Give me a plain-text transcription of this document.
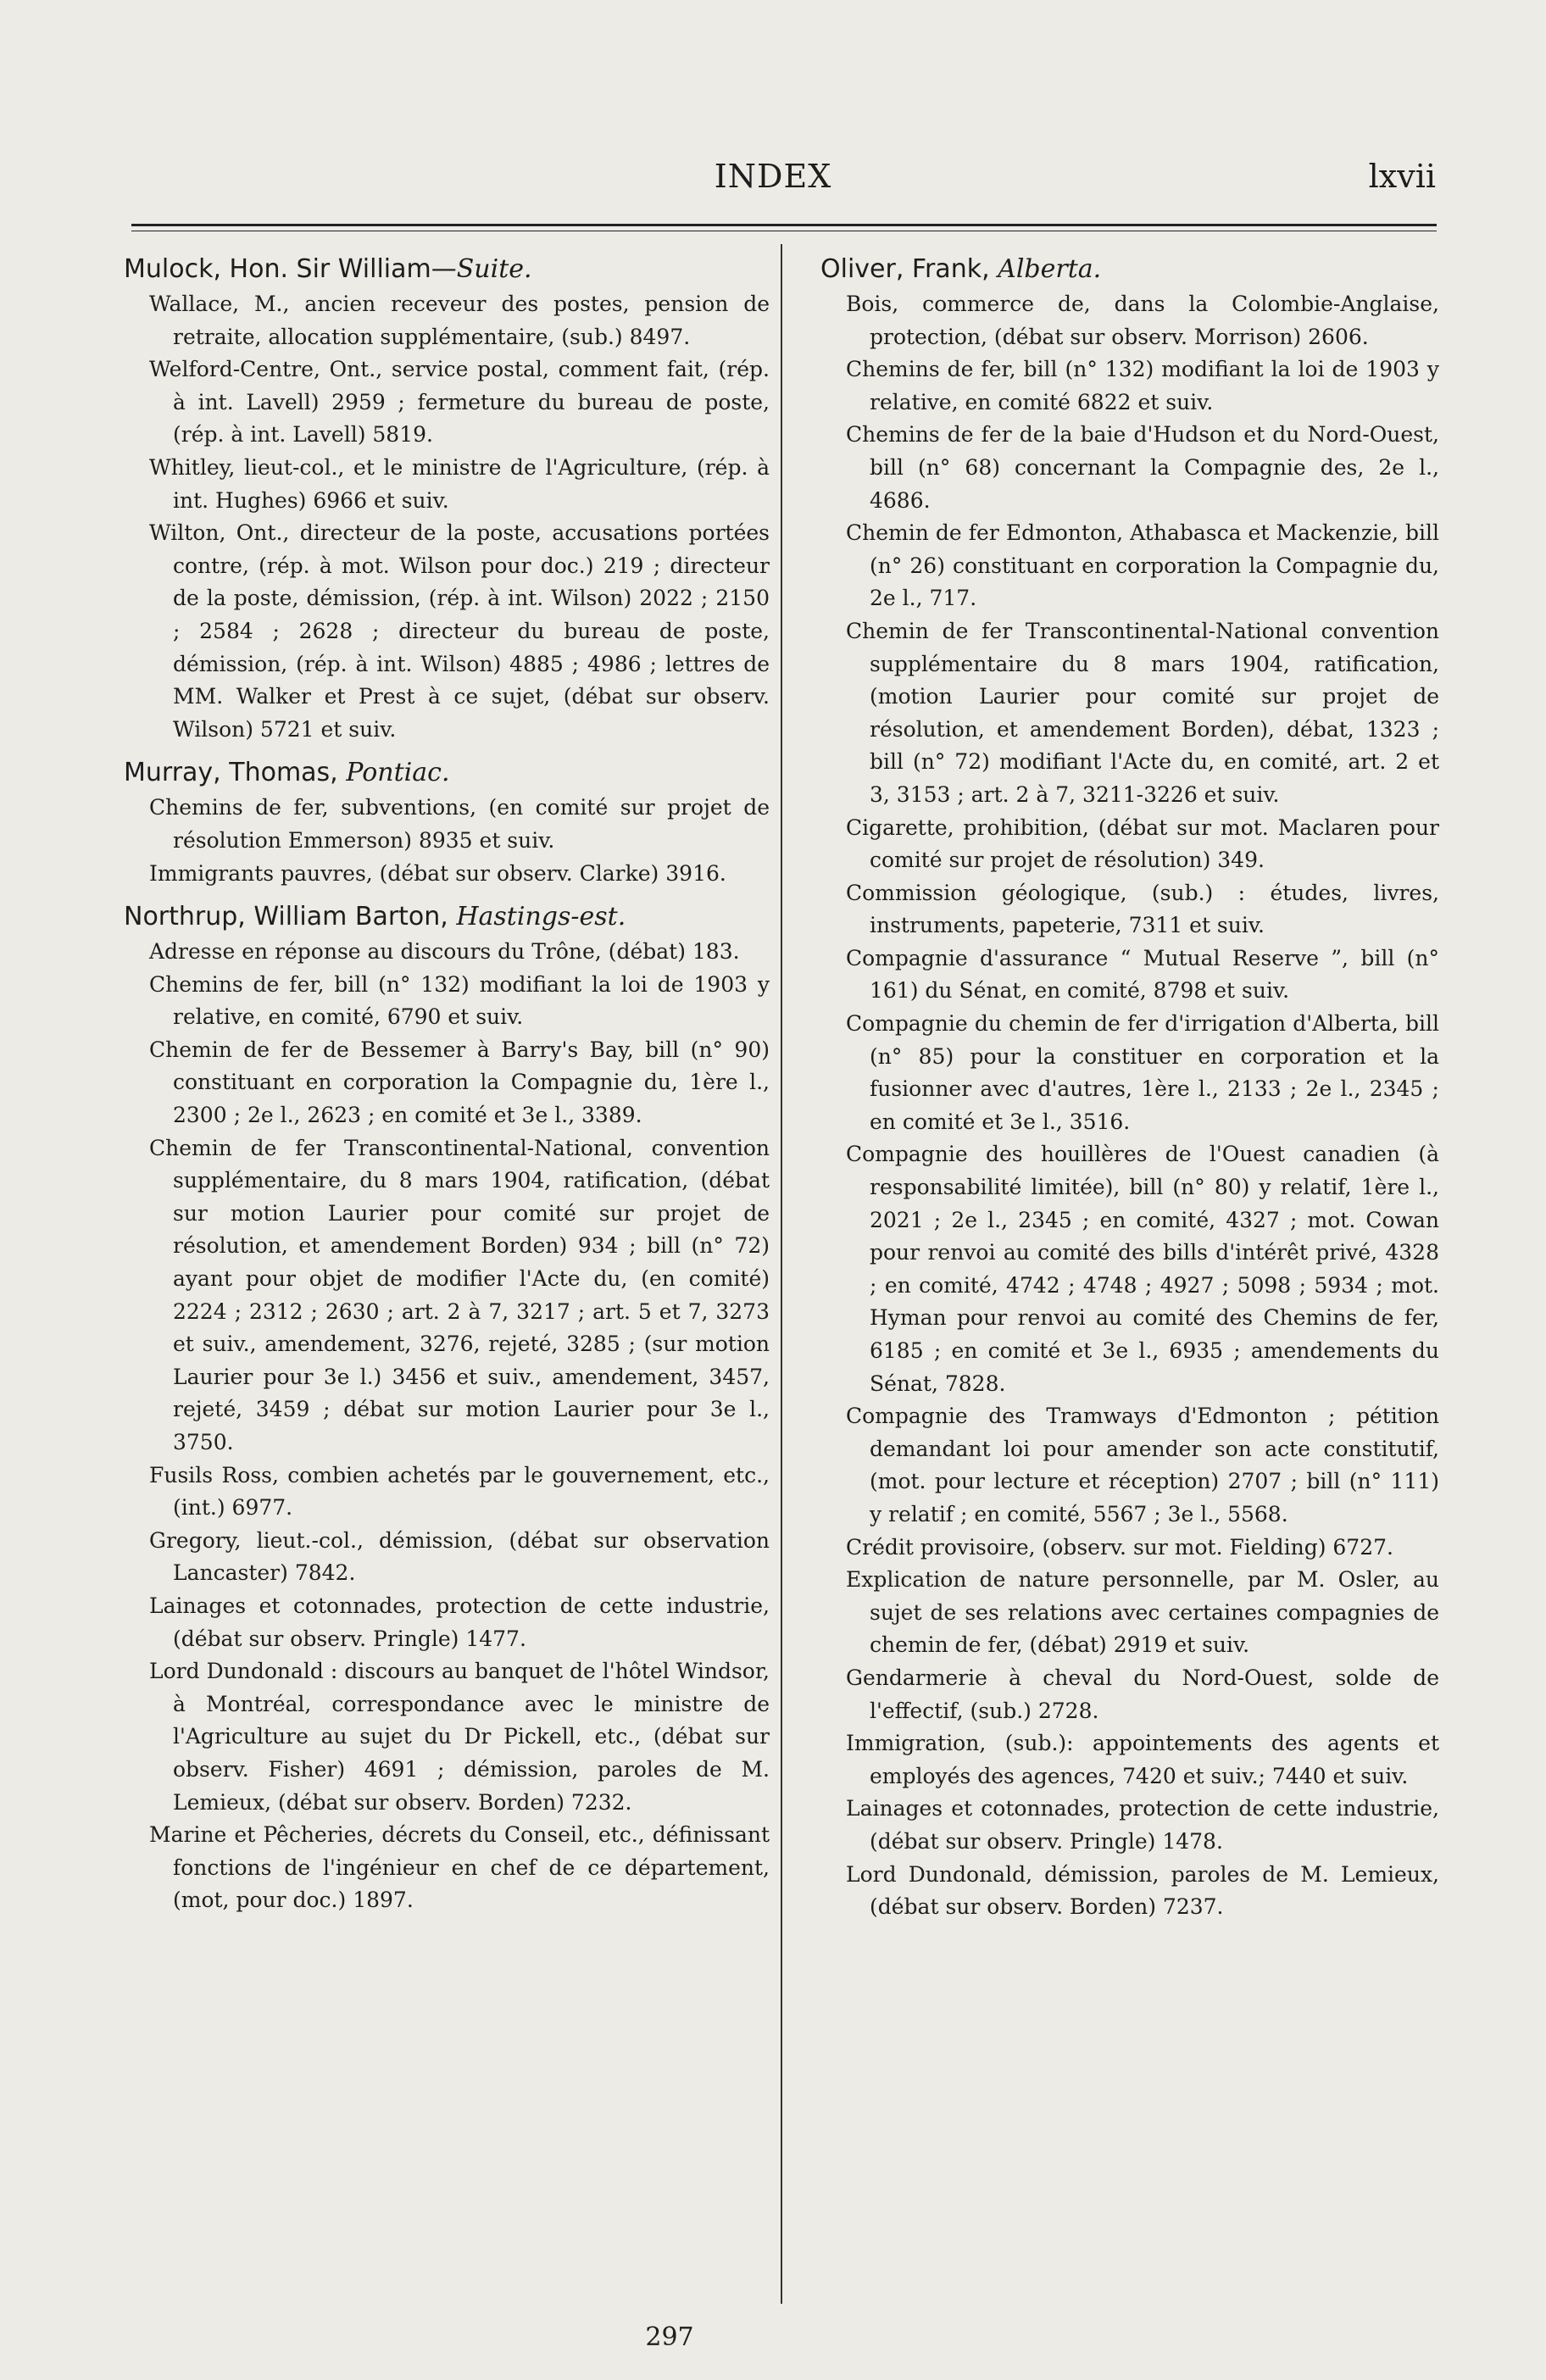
INDEX	lxvii
Mulock, Hon. Sir William—Suite.

Wallace, M., ancien receveur des postes, pension de retraite, allocation supplémentaire, (sub.) 8497.

Welford-Centre, Ont., service postal, comment fait, (rép. à int. Lavell) 2959 ; fermeture du bureau de poste, (rép. à int. Lavell) 5819.

Whitley, lieut-col., et le ministre de l'Agriculture, (rép. à int. Hughes) 6966 et suiv.

Wilton, Ont., directeur de la poste, accusations portées contre, (rép. à mot. Wilson pour doc.) 219 ; directeur de la poste, démission, (rép. à int. Wilson) 2022 ; 2150 ; 2584 ; 2628 ; directeur du bureau de poste, démission, (rép. à int. Wilson) 4885 ; 4986 ; lettres de MM. Walker et Prest à ce sujet, (débat sur observ. Wilson) 5721 et suiv.

Murray, Thomas, Pontiac.

Chemins de fer, subventions, (en comité sur projet de résolution Emmerson) 8935 et suiv.

Immigrants pauvres, (débat sur observ. Clarke) 3916.

Northrup, William Barton, Hastings-est.

Adresse en réponse au discours du Trône, (débat) 183.

Chemins de fer, bill (n° 132) modifiant la loi de 1903 y relative, en comité, 6790 et suiv.

Chemin de fer de Bessemer à Barry's Bay, bill (n° 90) constituant en corporation la Compagnie du, 1ère l., 2300 ; 2e l., 2623 ; en comité et 3e l., 3389.

Chemin de fer Transcontinental-National, convention supplémentaire, du 8 mars 1904, ratification, (débat sur motion Laurier pour comité sur projet de résolution, et amendement Borden) 934 ; bill (n° 72) ayant pour objet de modifier l'Acte du, (en comité) 2224 ; 2312 ; 2630 ; art. 2 à 7, 3217 ; art. 5 et 7, 3273 et suiv., amendement, 3276, rejeté, 3285 ; (sur motion Laurier pour 3e l.) 3456 et suiv., amendement, 3457, rejeté, 3459 ; débat sur motion Laurier pour 3e l., 3750.

Fusils Ross, combien achetés par le gouvernement, etc., (int.) 6977.

Gregory, lieut.-col., démission, (débat sur observation Lancaster) 7842.

Lainages et cotonnades, protection de cette industrie, (débat sur observ. Pringle) 1477.

Lord Dundonald : discours au banquet de l'hôtel Windsor, à Montréal, correspondance avec le ministre de l'Agriculture au sujet du Dr Pickell, etc., (débat sur observ. Fisher) 4691 ; démission, paroles de M. Lemieux, (débat sur observ. Borden) 7232.

Marine et Pêcheries, décrets du Conseil, etc., définissant fonctions de l'ingénieur en chef de ce département, (mot, pour doc.) 1897.

Oliver, Frank, Alberta.

Bois, commerce de, dans la Colombie-Anglaise, protection, (débat sur observ. Morrison) 2606.

Chemins de fer, bill (n° 132) modifiant la loi de 1903 y relative, en comité 6822 et suiv.

Chemins de fer de la baie d'Hudson et du Nord-Ouest, bill (n° 68) concernant la Compagnie des, 2e l., 4686.

Chemin de fer Edmonton, Athabasca et Mackenzie, bill (n° 26) constituant en corporation la Compagnie du, 2e l., 717.

Chemin de fer Transcontinental-National convention supplémentaire du 8 mars 1904, ratification, (motion Laurier pour comité sur projet de résolution, et amendement Borden), débat, 1323 ; bill (n° 72) modifiant l'Acte du, en comité, art. 2 et 3, 3153 ; art. 2 à 7, 3211-3226 et suiv.

Cigarette, prohibition, (débat sur mot. Maclaren pour comité sur projet de résolution) 349.

Commission géologique, (sub.) : études, livres, instruments, papeterie, 7311 et suiv.

Compagnie d'assurance “ Mutual Reserve ”, bill (n° 161) du Sénat, en comité, 8798 et suiv.

Compagnie du chemin de fer d'irrigation d'Alberta, bill (n° 85) pour la constituer en corporation et la fusionner avec d'autres, 1ère l., 2133 ; 2e l., 2345 ; en comité et 3e l., 3516.

Compagnie des houillères de l'Ouest canadien (à responsabilité limitée), bill (n° 80) y relatif, 1ère l., 2021 ; 2e l., 2345 ; en comité, 4327 ; mot. Cowan pour renvoi au comité des bills d'intérêt privé, 4328 ; en comité, 4742 ; 4748 ; 4927 ; 5098 ; 5934 ; mot. Hyman pour renvoi au comité des Chemins de fer, 6185 ; en comité et 3e l., 6935 ; amendements du Sénat, 7828.

Compagnie des Tramways d'Edmonton ; pétition demandant loi pour amender son acte constitutif, (mot. pour lecture et réception) 2707 ; bill (n° 111) y relatif ; en comité, 5567 ; 3e l., 5568.

Crédit provisoire, (observ. sur mot. Fielding) 6727.

Explication de nature personnelle, par M. Osler, au sujet de ses relations avec certaines compagnies de chemin de fer, (débat) 2919 et suiv.

Gendarmerie à cheval du Nord-Ouest, solde de l'effectif, (sub.) 2728.

Immigration, (sub.): appointements des agents et employés des agences, 7420 et suiv.; 7440 et suiv.

Lainages et cotonnades, protection de cette industrie, (débat sur observ. Pringle) 1478.

Lord Dundonald, démission, paroles de M. Lemieux, (débat sur observ. Borden) 7237.

297
